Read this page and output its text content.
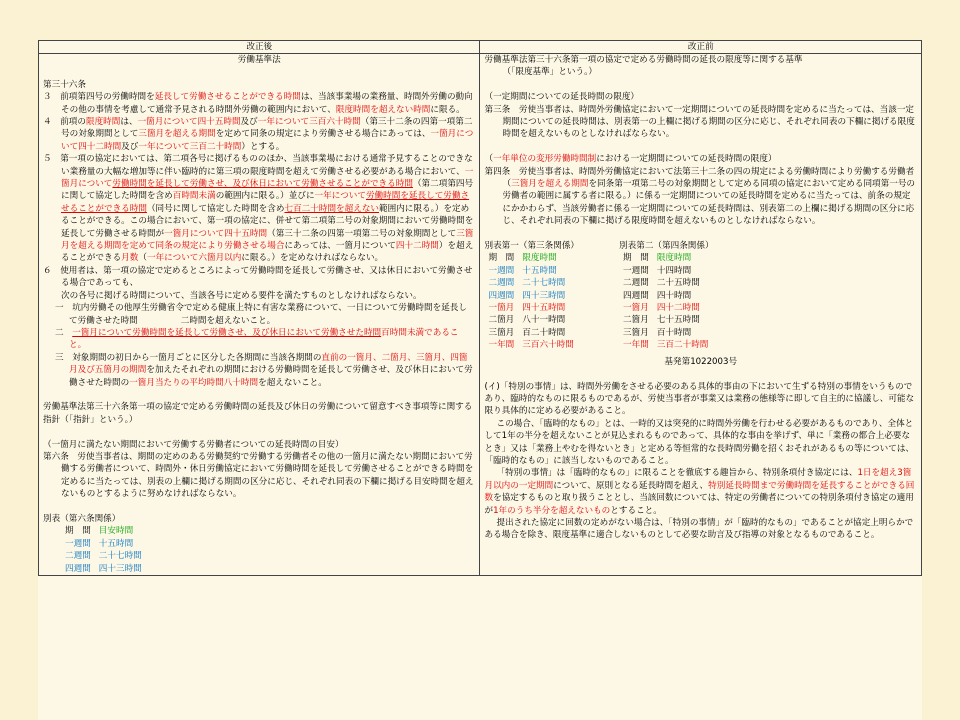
改正後	改正前

労働基準法

第三十六条

３　前項第四号の労働時間を延長して労働させることができる時間は、当該事業場の業務量、時間外労働の動向その他の事情を考慮して通常予見される時間外労働の範囲内において、限度時間を超えない時間に限る。

４　前項の限度時間は、一箇月について四十五時間及び一年について三百六十時間（第三十二条の四第一項第二号の対象期間として三箇月を超える期間を定めて同条の規定により労働させる場合にあっては、一箇月について四十二時間及び一年について三百二十時間）とする。

５　第一項の協定においては、第二項各号に掲げるもののほか、当該事業場における通常予見することのできない業務量の大幅な増加等に伴い臨時的に第三項の限度時間を超えて労働させる必要がある場合において、一箇月について労働時間を延長して労働させ、及び休日において労働させることができる時間（第二項第四号に関して協定した時間を含め百時間未満の範囲内に限る。）並びに一年について労働時間を延長して労働させることができる時間（同号に関して協定した時間を含め七百二十時間を超えない範囲内に限る。）を定めることができる。この場合において、第一項の協定に、併せて第二項第二号の対象期間において労働時間を延長して労働させる時間が一箇月について四十五時間（第三十二条の四第一項第二号の対象期間として三箇月を超える期間を定めて同条の規定により労働させる場合にあっては、一箇月について四十二時間）を超えることができる月数（一年について六箇月以内に限る。）を定めなければならない。

６　使用者は、第一項の協定で定めるところによって労働時間を延長して労働させ、又は休日において労働させる場合であっても、
次の各号に掲げる時間について、当該各号に定める要件を満たすものとしなければならない。

一　坑内労働その他厚生労働省令で定める健康上特に有害な業務について、一日について労働時間を延長して労働させた時間　　　　　二時間を超えないこと。

二　一箇月について労働時間を延長して労働させ、及び休日において労働させた時間百時間未満であること。

三　対象期間の初日から一箇月ごとに区分した各期間に当該各期間の直前の一箇月、二箇月、三箇月、四箇月及び五箇月の期間を加えたそれぞれの期間における労働時間を延長して労働させ、及び休日において労働させた時間の一箇月当たりの平均時間八十時間を超えないこと。

労働基準法第三十六条第一項の協定で定める労働時間の延長及び休日の労働について留意すべき事項等に関する指針（「指針」という。）

（一箇月に満たない期間において労働する労働者についての延長時間の目安）

第六条　労使当事者は、期間の定めのある労働契約で労働する労働者その他の一箇月に満たない期間において労働する労働者について、時間外・休日労働協定において労働時間を延長して労働させることができる時間を定めるに当たっては、別表の上欄に掲げる期間の区分に応じ、それぞれ同表の下欄に掲げる目安時間を超えないものとするように努めなければならない。

別表（第六条関係）

期　間	目安時間
一週間	十五時間
二週間	二十七時間
四週間	四十三時間

労働基準法第三十六条第一項の協定で定める労働時間の延長の限度等に関する基準
（「限度基準」という。）

（一定期間についての延長時間の限度）

第三条　労使当事者は、時間外労働協定において一定期間についての延長時間を定めるに当たっては、当該一定期間についての延長時間は、別表第一の上欄に掲げる期間の区分に応じ、それぞれ同表の下欄に掲げる限度時間を超えないものとしなければならない。

（一年単位の変形労働時間制における一定期間についての延長時間の限度）

第四条　労使当事者は、時間外労働協定において法第三十二条の四の規定による労働時間により労働する労働者（三箇月を超える期間を同条第一項第二号の対象期間として定める同項の協定において定める同項第一号の労働者の範囲に属する者に限る。）に係る一定期間についての延長時間を定めるに当たっては、前条の規定にかかわらず、当該労働者に係る一定期間についての延長時間は、別表第二の上欄に掲げる期間の区分に応じ、それぞれ同表の下欄に掲げる限度時間を超えないものとしなければならない。

別表第一（第三条関係）

期　間	限度時間
一週間	十五時間
二週間	二十七時間
四週間	四十三時間
一箇月	四十五時間
二箇月	八十一時間
三箇月	百二十時間
一年間	三百六十時間

別表第二（第四条関係）

期　間	限度時間
一週間	十四時間
二週間	二十五時間
四週間	四十時間
一箇月	四十二時間
二箇月	七十五時間
三箇月	百十時間
一年間	三百二十時間

基発第1022003号

(イ)「特別の事情」は、時間外労働をさせる必要のある具体的事由の下において生ずる特別の事情をいうものであり、臨時的なものに限るものであるが、労使当事者が事業又は業務の態様等に即して自主的に協議し、可能な限り具体的に定める必要があること。

この場合、「臨時的なもの」とは、一時的又は突発的に時間外労働を行わせる必要があるものであり、全体として1年の半分を超えないことが見込まれるものであって、具体的な事由を挙げず、単に「業務の都合上必要なとき」又は「業務上やむを得ないとき」と定める等恒常的な長時間労働を招くおそれがあるもの等については、「臨時的なもの」に該当しないものであること。

「特別の事情」は「臨時的なもの」に限ることを徹底する趣旨から、特別条項付き協定には、1日を超え3箇月以内の一定期間について、原則となる延長時間を超え、特別延長時間まで労働時間を延長することができる回数を協定するものと取り扱うこととし、当該回数については、特定の労働者についての特別条項付き協定の適用が1年のうち半分を超えないものとすること。

提出された協定に回数の定めがない場合は、「特別の事情」が「臨時的なもの」であることが協定上明らかである場合を除き、限度基準に適合しないものとして必要な助言及び指導の対象となるものであること。
